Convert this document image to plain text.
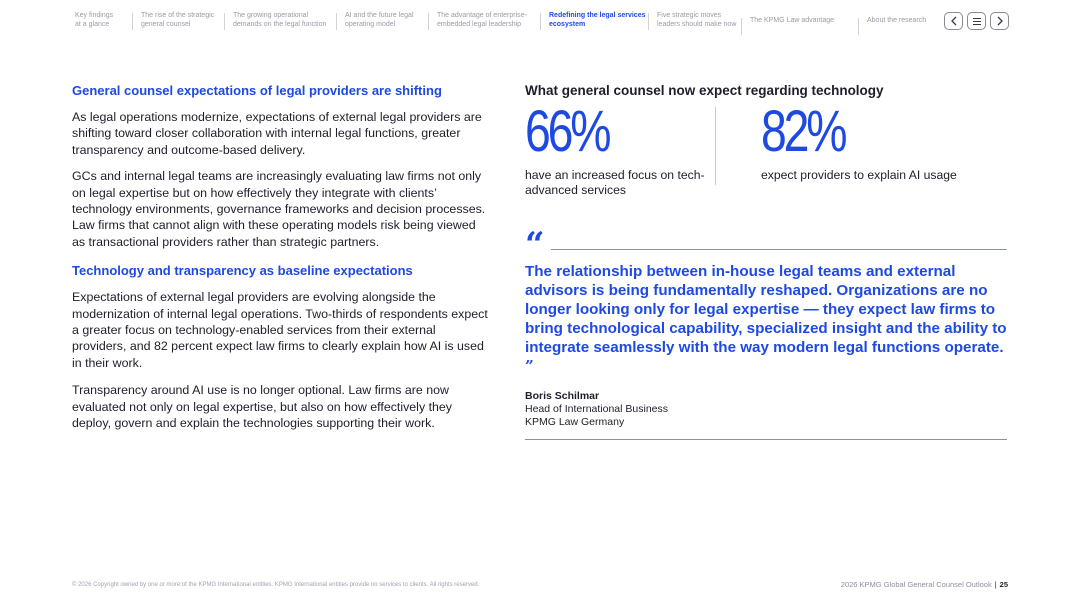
Key findings
at a glance
The rise of the strategic
general counsel
The growing operational
demands on the legal function
AI and the future legal
operating model
The advantage of enterprise-
embedded legal leadership
Redefining the legal services
ecosystem
Five strategic moves
leaders should make now The KPMG Law advantage	About the research
General counsel expectations of legal providers are shifting

As legal operations modernize, expectations of external legal providers are shifting toward closer collaboration with internal legal functions, greater transparency and outcome-based delivery.

GCs and internal legal teams are increasingly evaluating law firms not only on legal expertise but on how effectively they integrate with clients’ technology environments, governance frameworks and decision processes. Law firms that cannot align with these operating models risk being viewed as transactional providers rather than strategic partners.

Technology and transparency as baseline expectations

Expectations of external legal providers are evolving alongside the modernization of internal legal operations. Two-thirds of respondents expect a greater focus on technology-enabled services from their external providers, and 82 percent expect law firms to clearly explain how AI is used in their work.

Transparency around AI use is no longer optional. Law firms are now evaluated not only on legal expertise, but also on how effectively they deploy, govern and explain the technologies supporting their work.

What general counsel now expect regarding technology
66%
have an increased focus on tech-advanced services
82%
expect providers to explain AI usage
“

The relationship between in-house legal teams and external advisors is being fundamentally reshaped. Organizations are no longer looking only for legal expertise — they expect law firms to bring technological capability, specialized insight and the ability to integrate seamlessly with the way modern legal functions operate. ”

Boris Schilmar
Head of International Business
KPMG Law Germany
© 2026 Copyright owned by one or more of the KPMG International entities. KPMG International entities provide no services to clients. All rights reserved.	2026 KPMG Global General Counsel Outlook | 25
